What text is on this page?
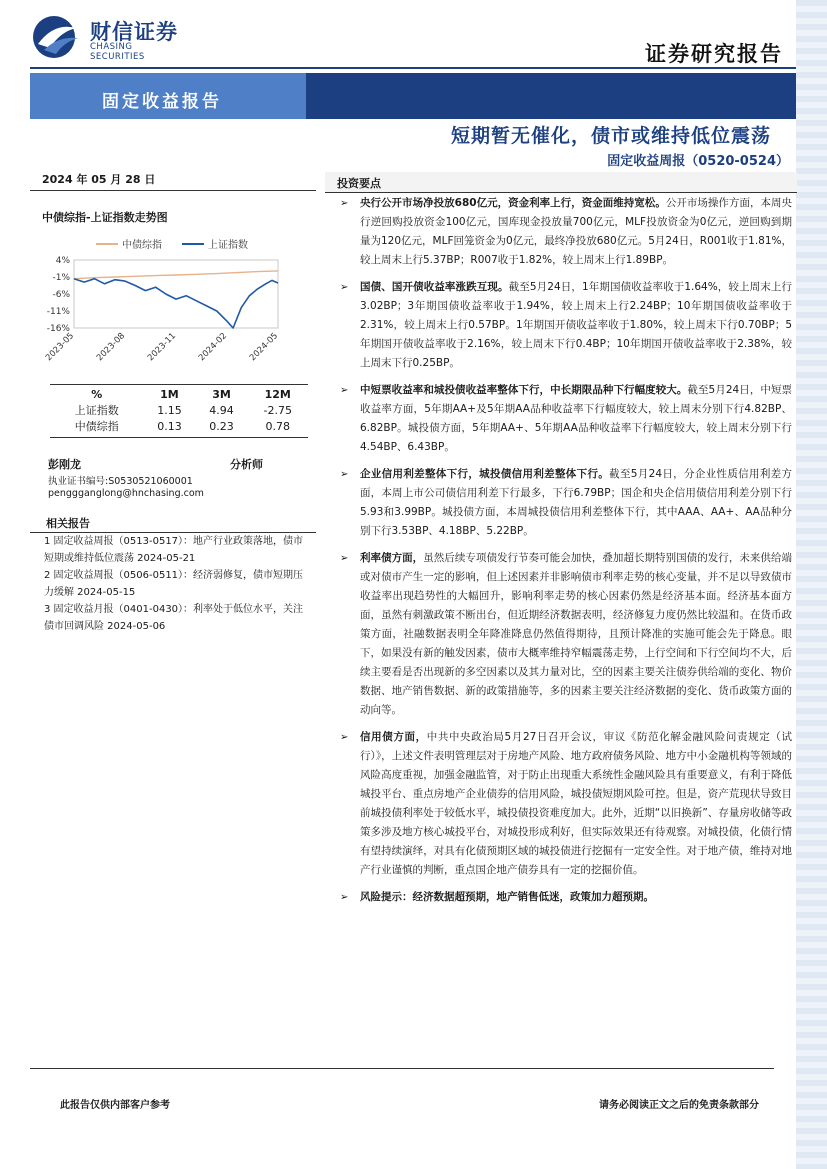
财信证券
CHASING SECURITIES	证券研究报告
固定收益报告
短期暂无催化，债市或维持低位震荡
固定收益周报（0520-0524）
2024 年 05 月 28 日
中债综指-上证指数走势图
4%
-1%
-6%
-11%
-16%
2023-05 2023-08 2023-11 2024-02 2024-05
中债综指	上证指数
%	1M	3M	12M
上证指数	1.15	4.94	-2.75
中债综指	0.13	0.23	0.78
彭刚龙	分析师
执业证书编号:S0530521060001
penggganglong@hnchasing.com
相关报告
1 固定收益周报（0513-0517）：地产行业政策落地，债市短期或维持低位震荡 2024-05-21
2 固定收益周报（0506-0511）：经济弱修复，债市短期压力缓解 2024-05-15
3 固定收益月报（0401-0430）：利率处于低位水平，关注债市回调风险 2024-05-06
投资要点
➢ 央行公开市场净投放680亿元，资金利率上行，资金面维持宽松。公开市场操作方面，本周央行逆回购投放资金100亿元，国库现金投放量700亿元，MLF投放资金为0亿元，逆回购到期量为120亿元，MLF回笼资金为0亿元，最终净投放680亿元。5月24日，R001收于1.81%，较上周末上行5.37BP；R007收于1.82%，较上周末上行1.89BP。
➢ 国债、国开债收益率涨跌互现。截至5月24日，1年期国债收益率收于1.64%，较上周末上行3.02BP；3年期国债收益率收于1.94%，较上周末上行2.24BP；10年期国债收益率收于2.31%，较上周末上行0.57BP。1年期国开债收益率收于1.80%，较上周末下行0.70BP；5年期国开债收益率收于2.16%，较上周末下行0.4BP；10年期国开债收益率收于2.38%，较上周末下行0.25BP。
➢ 中短票收益率和城投债收益率整体下行，中长期限品种下行幅度较大。截至5月24日，中短票收益率方面，5年期AA+及5年期AA品种收益率下行幅度较大，较上周末分别下行4.82BP、6.82BP。城投债方面，5年期AA+、5年期AA品种收益率下行幅度较大，较上周末分别下行4.54BP、6.43BP。
➢ 企业信用利差整体下行，城投债信用利差整体下行。截至5月24日，分企业性质信用利差方面，本周上市公司债信用利差下行最多，下行6.79BP；国企和央企信用债信用利差分别下行5.93和3.99BP。城投债方面，本周城投债信用利差整体下行，其中AAA、AA+、AA品种分别下行3.53BP、4.18BP、5.22BP。
➢ 利率债方面，虽然后续专项债发行节奏可能会加快，叠加超长期特别国债的发行，未来供给端或对债市产生一定的影响，但上述因素并非影响债市利率走势的核心变量，并不足以导致债市收益率出现趋势性的大幅回升，影响利率走势的核心因素仍然是经济基本面。经济基本面方面，虽然有刺激政策不断出台，但近期经济数据表明，经济修复力度仍然比较温和。在货币政策方面，社融数据表明全年降准降息仍然值得期待，且预计降准的实施可能会先于降息。眼下，如果没有新的触发因素，债市大概率维持窄幅震荡走势，上行空间和下行空间均不大，后续主要看是否出现新的多空因素以及其力量对比，空的因素主要关注债券供给端的变化、物价数据、地产销售数据、新的政策措施等，多的因素主要关注经济数据的变化、货币政策方面的动向等。
➢ 信用债方面，中共中央政治局5月27日召开会议，审议《防范化解金融风险问责规定（试行）》，上述文件表明管理层对于房地产风险、地方政府债务风险、地方中小金融机构等领域的风险高度重视，加强金融监管，对于防止出现重大系统性金融风险具有重要意义，有利于降低城投平台、重点房地产企业债券的信用风险，城投债短期风险可控。但是，资产荒现状导致目前城投债利率处于较低水平，城投债投资难度加大。此外，近期“以旧换新”、存量房收储等政策多涉及地方核心城投平台，对城投形成利好，但实际效果还有待观察。对城投债，化债行情有望持续演绎，对具有化债预期区域的城投债进行挖掘有一定安全性。对于地产债，维持对地产行业谨慎的判断，重点国企地产债券具有一定的挖掘价值。
➢ 风险提示：经济数据超预期，地产销售低迷，政策加力超预期。
此报告仅供内部客户参考	请务必阅读正文之后的免责条款部分
